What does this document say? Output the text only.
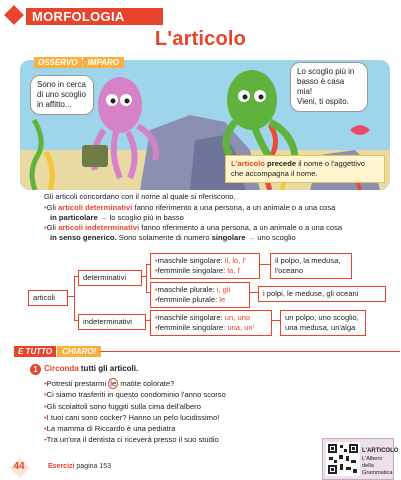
MORFOLOGIA
L'articolo
OSSERVO	IMPARO
Sono in cerca
di uno scoglio
in affitto...
Lo scoglio più in
basso è casa mia!
Vieni, ti ospito.
L'articolo precede il nome o l'aggettivo che accompagna il nome.
Gli articoli concordano con il nome al quale si riferiscono.
•Gli articoli determinativi fanno riferimento a una persona, a un animale o a una cosa
in particolare → lo scoglio più in basso
•Gli articoli indeterminativi fanno riferimento a una persona, a un animale o a una cosa
in senso generico. Sono solamente di numero singolare → uno scoglio
articoli
determinativi
indeterminativi
•maschile singolare: il, lo, l'
•femminile singolare: la, l'
il polpo, la medusa,
l'oceano
•maschile plurale: i, gli
•femminile plurale: le
i polpi, le meduse, gli oceani
•maschile singolare: un, uno
•femminile singolare: una, un'
un polpo, uno scoglio,
una medusa, un'alga
E TUTTO	CHIARO!
1 Circonda tutti gli articoli.
•Potresti prestarmi le matite colorate?
•Ci siamo trasferiti in questo condominio l'anno scorso
•Gli scoiattoli sono fuggiti sulla cima dell'albero
•I tuoi cani sono cocker? Hanno un pelo lucidissimo!
•La mamma di Riccardo è una pediatra
•Tra un'ora il dentista ci riceverà presso il suo studio
44	Esercizi pagina 153
L'ARTICOLO
L'Albero della Grammatica
